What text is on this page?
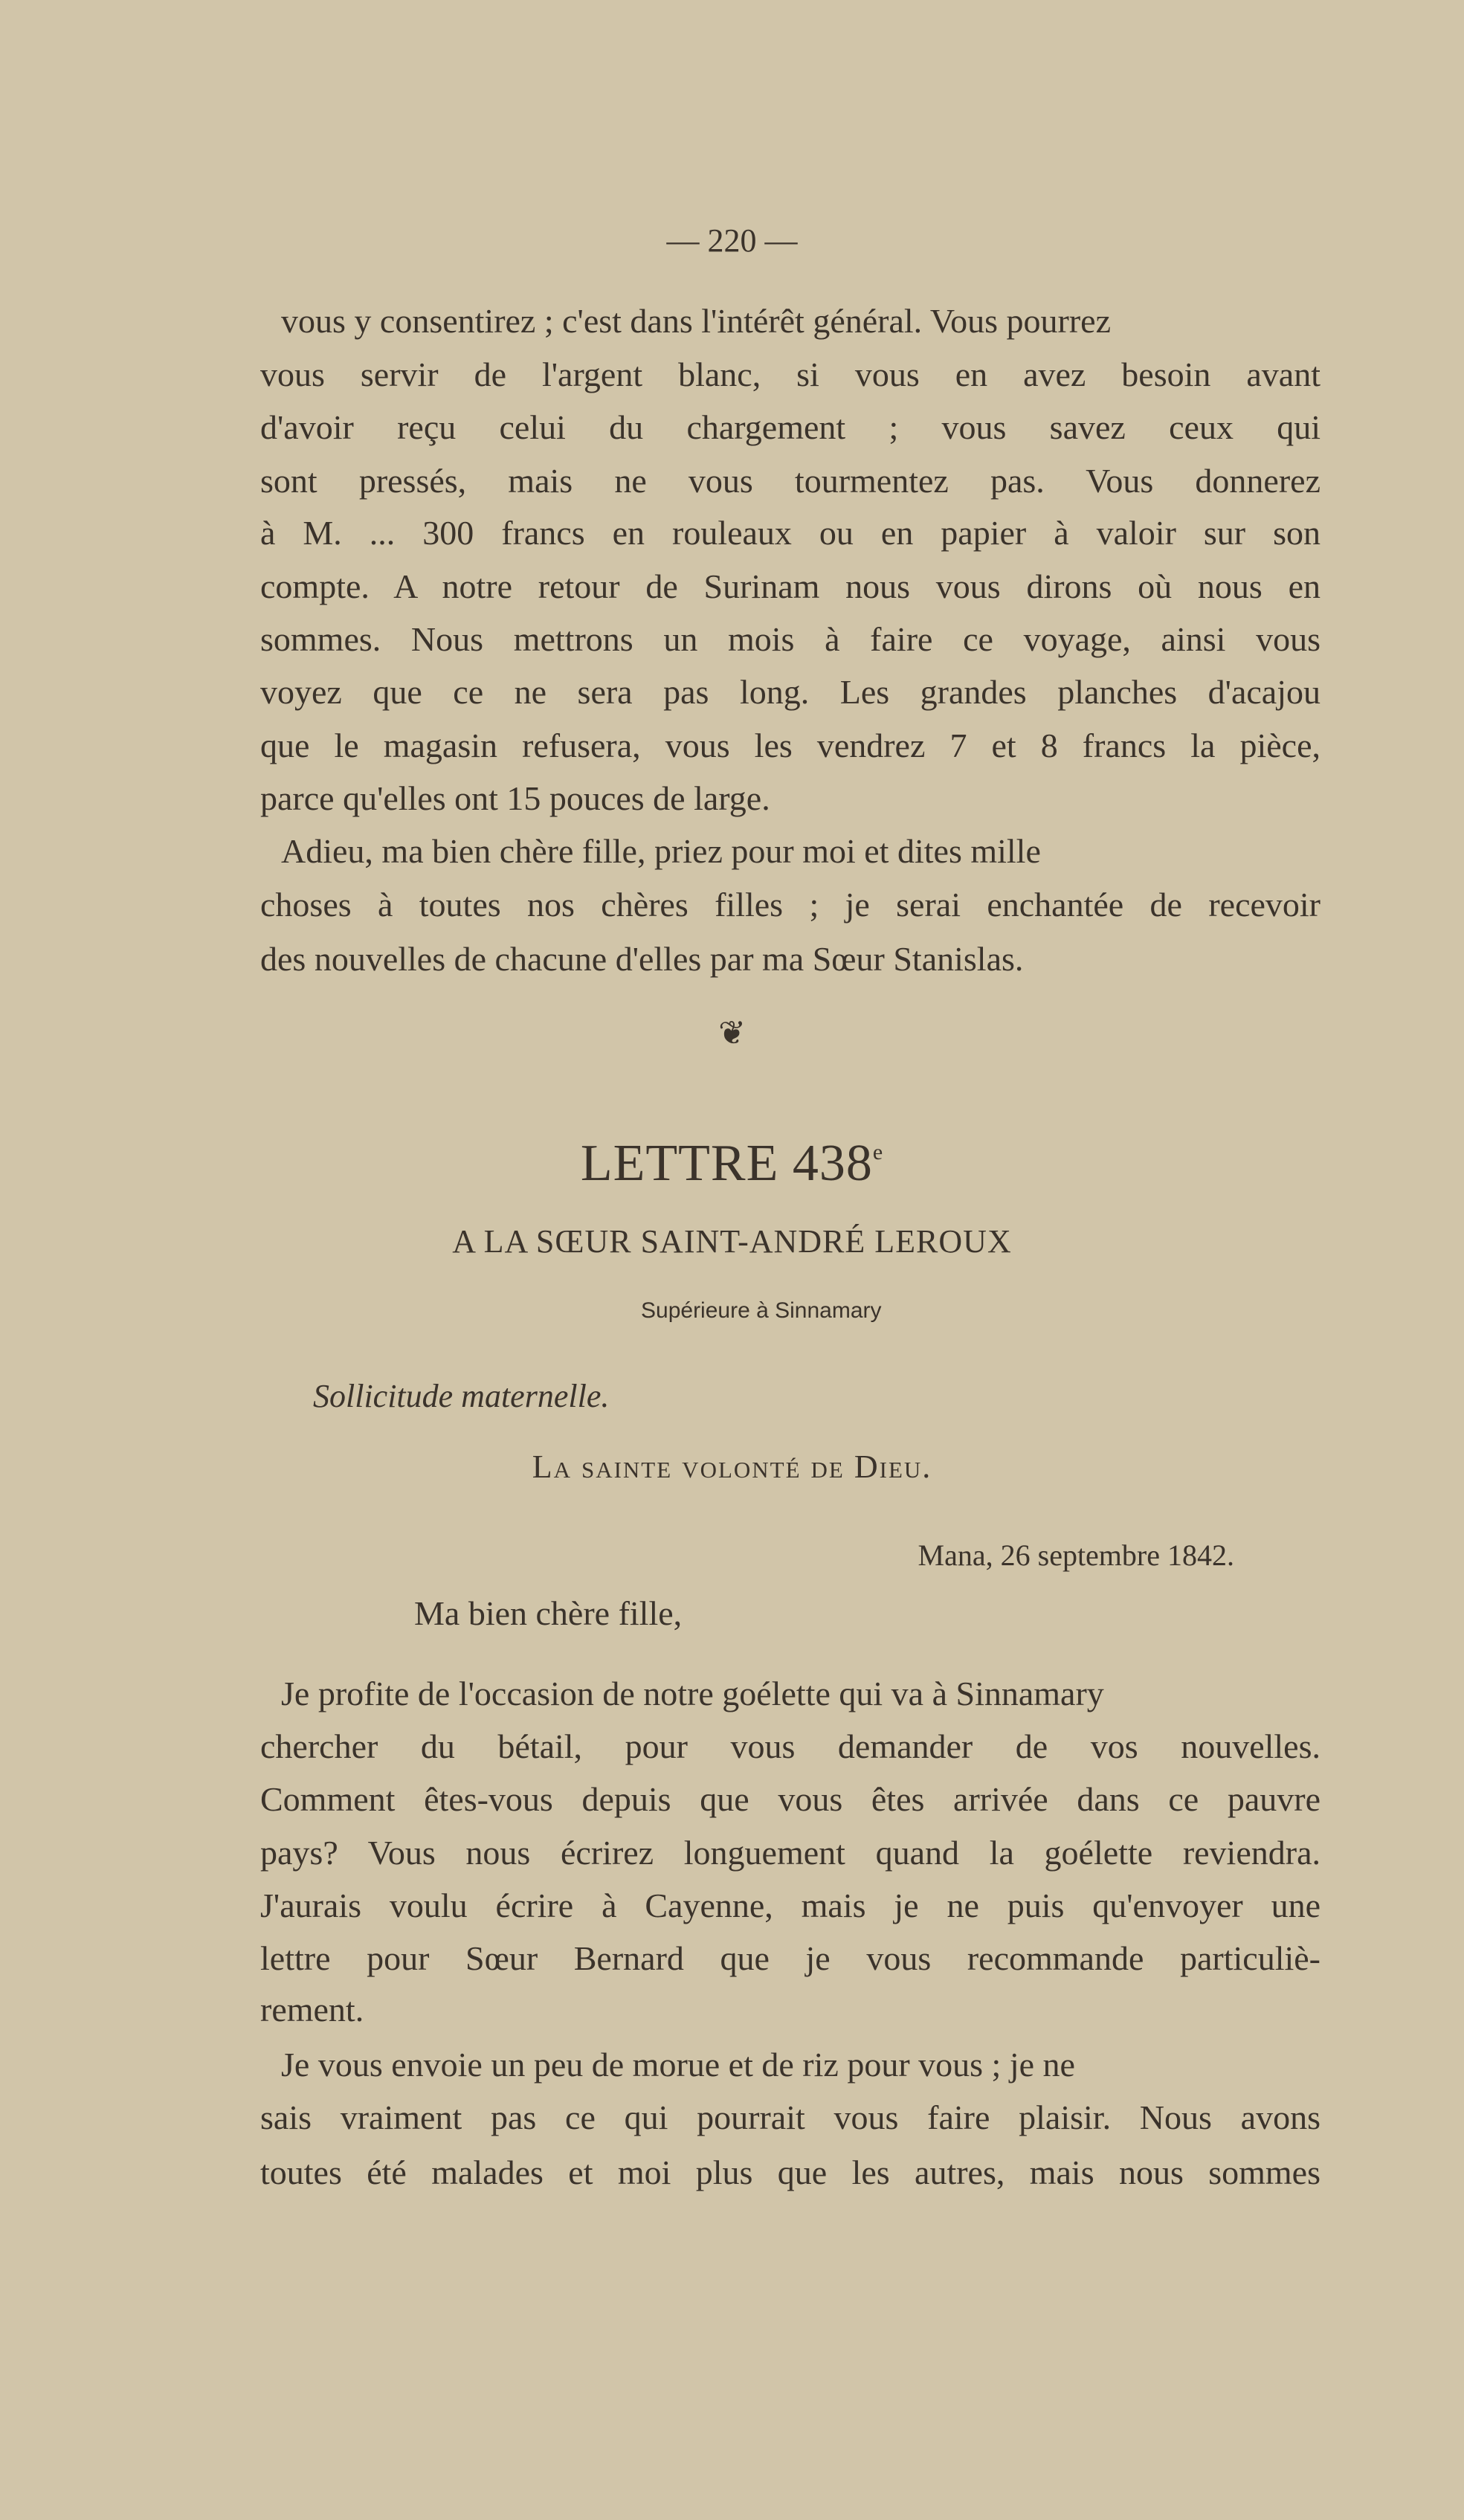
— 220 —
vous y consentirez ; c'est dans l'intérêt général. Vous pourrez
vous servir de l'argent blanc, si vous en avez besoin avant
d'avoir reçu celui du chargement ; vous savez ceux qui
sont pressés, mais ne vous tourmentez pas. Vous donnerez
à M. ... 300 francs en rouleaux ou en papier à valoir sur son
compte. A notre retour de Surinam nous vous dirons où nous en
sommes. Nous mettrons un mois à faire ce voyage, ainsi vous
voyez que ce ne sera pas long. Les grandes planches d'acajou
que le magasin refusera, vous les vendrez 7 et 8 francs la pièce,
parce qu'elles ont 15 pouces de large.
Adieu, ma bien chère fille, priez pour moi et dites mille
choses à toutes nos chères filles ; je serai enchantée de recevoir
des nouvelles de chacune d'elles par ma Sœur Stanislas.
❦
LETTRE 438e
A LA SŒUR SAINT-ANDRÉ LEROUX
Supérieure à Sinnamary
Sollicitude maternelle.
La sainte volonté de Dieu.
Mana, 26 septembre 1842.
Ma bien chère fille,
Je profite de l'occasion de notre goélette qui va à Sinnamary
chercher du bétail, pour vous demander de vos nouvelles.
Comment êtes-vous depuis que vous êtes arrivée dans ce pauvre
pays? Vous nous écrirez longuement quand la goélette reviendra.
J'aurais voulu écrire à Cayenne, mais je ne puis qu'envoyer une
lettre pour Sœur Bernard que je vous recommande particuliè-
rement.
Je vous envoie un peu de morue et de riz pour vous ; je ne
sais vraiment pas ce qui pourrait vous faire plaisir. Nous avons
toutes été malades et moi plus que les autres, mais nous sommes
